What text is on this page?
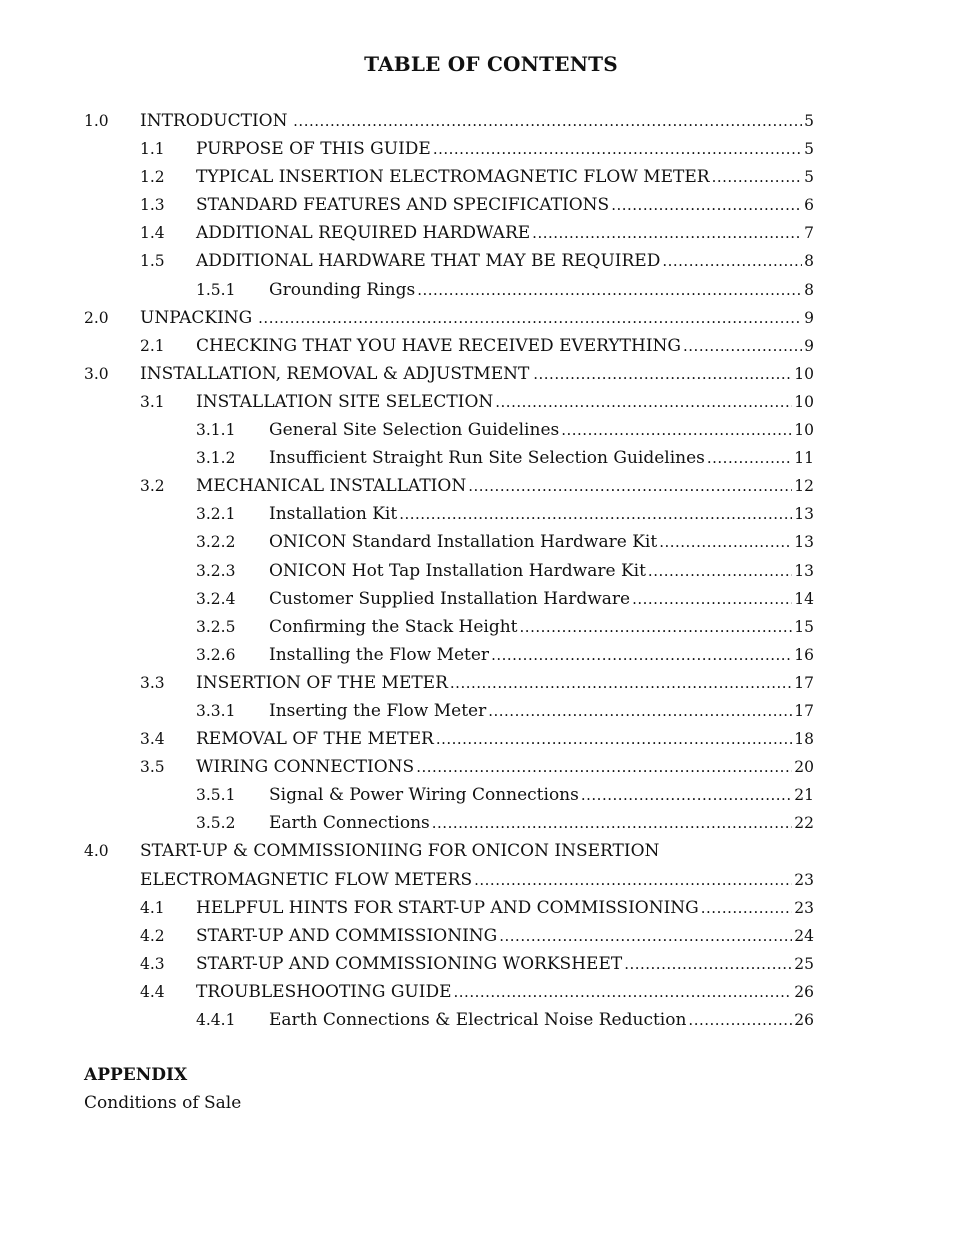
TABLE OF CONTENTS
1.0 INTRODUCTION .....	5
1.1 PURPOSE OF THIS GUIDE .....	5
1.2 TYPICAL INSERTION ELECTROMAGNETIC FLOW METER .....	5
1.3 STANDARD FEATURES AND SPECIFICATIONS .....	6
1.4 ADDITIONAL REQUIRED HARDWARE .....	7
1.5 ADDITIONAL HARDWARE THAT MAY BE REQUIRED .....	8
1.5.1 Grounding Rings .....	8
2.0 UNPACKING .....	9
2.1 CHECKING THAT YOU HAVE RECEIVED EVERYTHING .....	9
3.0 INSTALLATION, REMOVAL & ADJUSTMENT .....	10
3.1 INSTALLATION SITE SELECTION .....	10
3.1.1 General Site Selection Guidelines .....	10
3.1.2 Insufficient Straight Run Site Selection Guidelines .....	11
3.2 MECHANICAL INSTALLATION .....	12
3.2.1 Installation Kit .....	13
3.2.2 ONICON Standard Installation Hardware Kit .....	13
3.2.3 ONICON Hot Tap Installation Hardware Kit .....	13
3.2.4 Customer Supplied Installation Hardware .....	14
3.2.5 Confirming the Stack Height .....	15
3.2.6 Installing the Flow Meter .....	16
3.3 INSERTION OF THE METER .....	17
3.3.1 Inserting the Flow Meter .....	17
3.4 REMOVAL OF THE METER .....	18
3.5 WIRING CONNECTIONS .....	20
3.5.1 Signal & Power Wiring Connections .....	21
3.5.2 Earth Connections .....	22
4.0 START-UP & COMMISSIONIING FOR ONICON INSERTION
ELECTROMAGNETIC FLOW METERS .....	23
4.1 HELPFUL HINTS FOR START-UP AND COMMISSIONING .....	23
4.2 START-UP AND COMMISSIONING .....	24
4.3 START-UP AND COMMISSIONING WORKSHEET .....	25
4.4 TROUBLESHOOTING GUIDE .....	26
4.4.1 Earth Connections & Electrical Noise Reduction .....	26
APPENDIX
Conditions of Sale
